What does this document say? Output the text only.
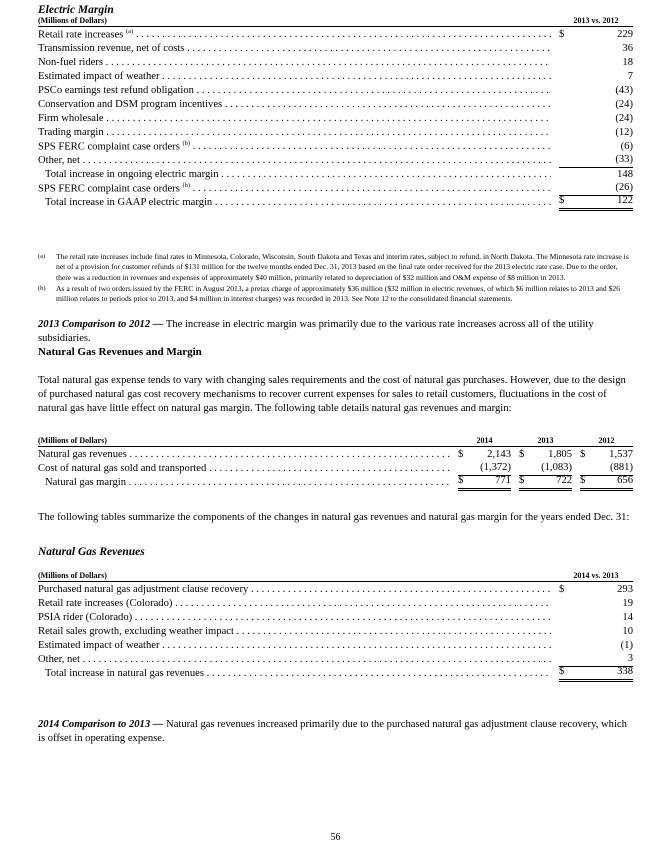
Electric Margin
(Millions of Dollars)	2013 vs. 2012
Retail rate increases $^{(a)}$ . . .	$	229
Transmission revenue, net of costs . . .	36
Non-fuel riders . . .	18
Estimated impact of weather . . .	7
PSCo earnings test refund obligation . . .	(43)
Conservation and DSM program incentives . . .	(24)
Firm wholesale . . .	(24)
Trading margin . . .	(12)
SPS FERC complaint case orders $^{(b)}$ . . .	(6)
Other, net . . .	(33)
Total increase in ongoing electric margin . . .	148
SPS FERC complaint case orders $^{(b)}$ . . .	(26)
Total increase in GAAP electric margin . . .	$	122
(a)	The retail rate increases include final rates in Minnesota, Colorado, Wisconsin, South Dakota and Texas and interim rates, subject to refund, in North Dakota. The Minnesota rate increase is net of a provision for customer refunds of $131 million for the twelve months ended Dec. 31, 2013 based on the final rate order received for the 2013 electric rate case. Due to the order, there was a reduction in revenues and expenses of approximately $40 million, primarily related to depreciation of $32 million and O&M expense of $8 million in 2013.
(b)	As a result of two orders issued by the FERC in August 2013, a pretax charge of approximately $36 million ($32 million in electric revenues, of which $6 million relates to 2013 and $26 million relates to periods prior to 2013, and $4 million in interest charges) was recorded in 2013. See Note 12 to the consolidated financial statements.

2013 Comparison to 2012 — The increase in electric margin was primarily due to the various rate increases across all of the utility subsidiaries.

Natural Gas Revenues and Margin

Total natural gas expense tends to vary with changing sales requirements and the cost of natural gas purchases. However, due to the design of purchased natural gas cost recovery mechanisms to recover current expenses for sales to retail customers, fluctuations in the cost of natural gas have little effect on natural gas margin. The following table details natural gas revenues and margin:

(Millions of Dollars)	2014	2013	2012
Natural gas revenues . . .	$ 2,143 $ 1,805 $ 1,537
Cost of natural gas sold and transported . . .	(1,372)	(1,083)	(881)
Natural gas margin . . .	$	771 $	722 $	656

The following tables summarize the components of the changes in natural gas revenues and natural gas margin for the years ended Dec. 31:

Natural Gas Revenues
(Millions of Dollars)	2014 vs. 2013
Purchased natural gas adjustment clause recovery . . .	$	293
Retail rate increases (Colorado) . . .	19
PSIA rider (Colorado) . . .	14
Retail sales growth, excluding weather impact . . .	10
Estimated impact of weather . . .	(1)
Other, net . . .	3
Total increase in natural gas revenues . . .	$	338

2014 Comparison to 2013 — Natural gas revenues increased primarily due to the purchased natural gas adjustment clause recovery, which is offset in operating expense.

56
